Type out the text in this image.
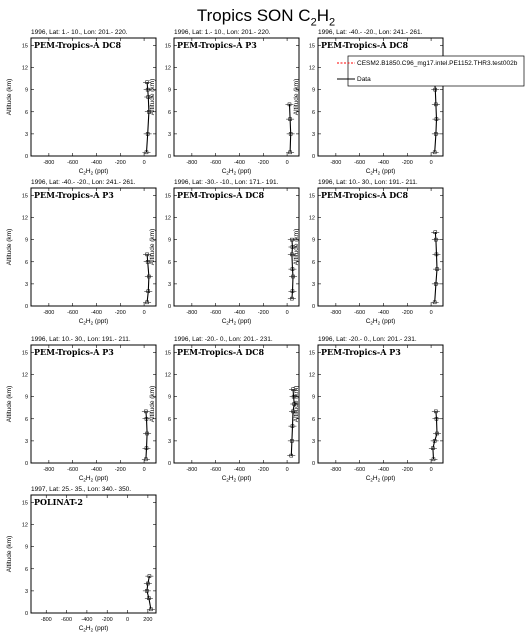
Tropics SON $C_2H_2$
1996, Lat: 1.- 10., Lon: 201.- 220.
PEM-Tropics-A DC8
0
3
6
9
12
15
-800 -600 -400 -200	0
$C_2H_2$ (ppt)
Altitude (km)
1996, Lat: 1.- 10., Lon: 201.- 220.
PEM-Tropics-A P3
0
3
6
9
12
15
-800 -600 -400 -200	0
$C_2H_2$ (ppt)
Altitude (km)
1996, Lat: -40.- -20., Lon: 241.- 261.
PEM-Tropics-A DC8
0
3
6
9
12
15
-800 -600 -400 -200	0
$C_2H_2$ (ppt)
Altitude (km)
1996, Lat: -40.- -20., Lon: 241.- 261.
PEM-Tropics-A P3
0
3
6
9
12
15
-800 -600 -400 -200	0
$C_2H_2$ (ppt)
Altitude (km)
1996, Lat: -30.- -10., Lon: 171.- 191.
PEM-Tropics-A DC8
0
3
6
9
12
15
-800 -600 -400 -200	0
$C_2H_2$ (ppt)
Altitude (km)
1996, Lat: 10.- 30., Lon: 191.- 211.
PEM-Tropics-A DC8
0
3
6
9
12
15
-800 -600 -400 -200	0
$C_2H_2$ (ppt)
Altitude (km)
1996, Lat: 10.- 30., Lon: 191.- 211.
PEM-Tropics-A P3
0
3
6
9
12
15
-800 -600 -400 -200	0
$C_2H_2$ (ppt)
Altitude (km)
1996, Lat: -20.- 0., Lon: 201.- 231.
PEM-Tropics-A DC8
0
3
6
9
12
15
-800 -600 -400 -200	0
$C_2H_2$ (ppt)
Altitude (km)
1996, Lat: -20.- 0., Lon: 201.- 231.
PEM-Tropics-A P3
0
3
6
9
12
15
-800 -600 -400 -200	0
$C_2H_2$ (ppt)
Altitude (km)
1997, Lat: 25.- 35., Lon: 340.- 350.
POLINAT-2
0
3
6
9
12
15
-800 -600 -400 -200 0	200
$C_2H_2$ (ppt)
Altitude (km)
CESM2.B1850.C96_mg17.intel.PE1152.THR3.test002b
Data
